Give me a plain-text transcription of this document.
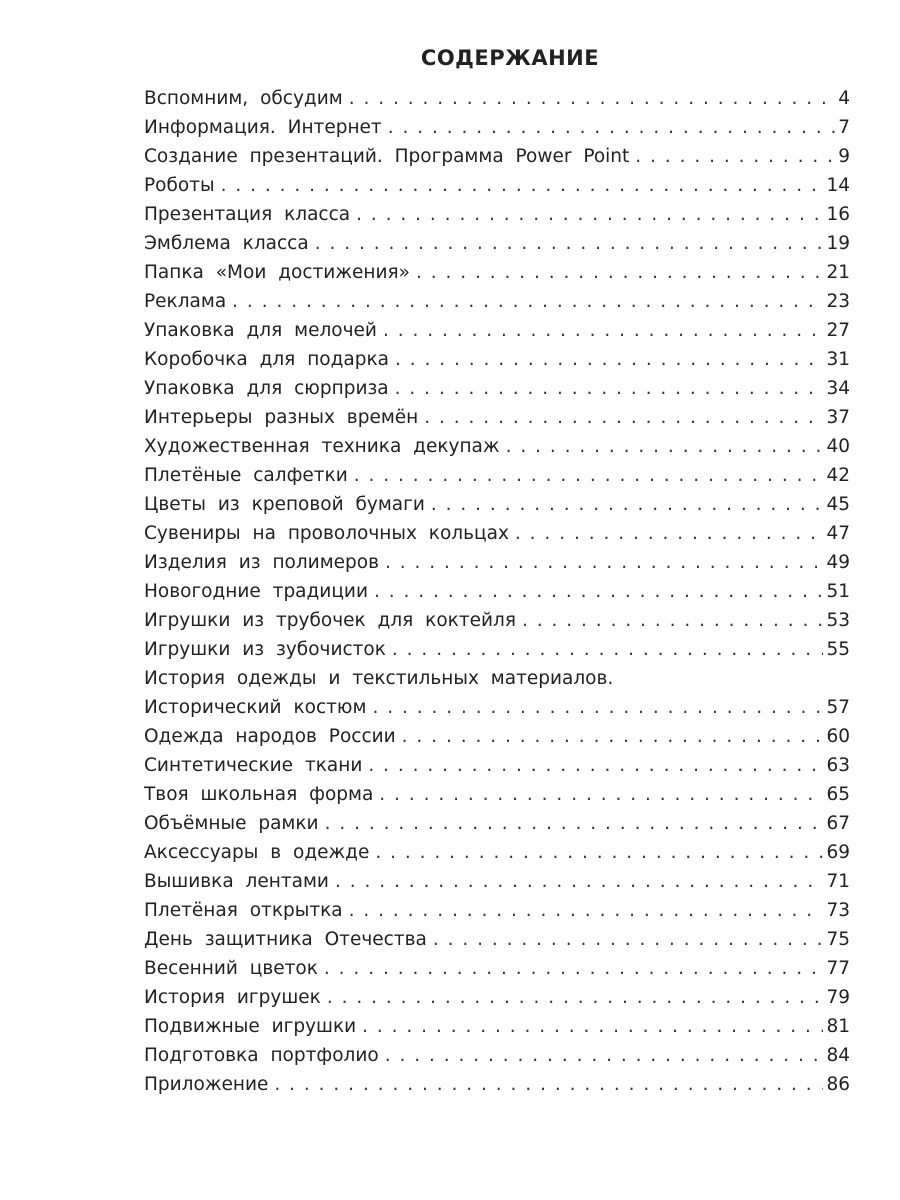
СОДЕРЖАНИЕ
Вспомним, обсудим . . .	4
Информация. Интернет . . .	7
Создание презентаций. Программа Power Point . . .	9
Роботы . . .	14
Презентация класса . . .	16
Эмблема класса . . .	19
Папка «Мои достижения» . . .	21
Реклама . . .	23
Упаковка для мелочей . . .	27
Коробочка для подарка . . .	31
Упаковка для сюрприза . . .	34
Интерьеры разных времён . . .	37
Художественная техника декупаж . . .	40
Плетёные салфетки . . .	42
Цветы из креповой бумаги . . .	45
Сувениры на проволочных кольцах . . .	47
Изделия из полимеров . . .	49
Новогодние традиции . . .	51
Игрушки из трубочек для коктейля . . .	53
Игрушки из зубочисток . . .	55
История одежды и текстильных материалов.
Исторический костюм . . .	57
Одежда народов России . . .	60
Синтетические ткани . . .	63
Твоя школьная форма . . .	65
Объёмные рамки . . .	67
Аксессуары в одежде . . .	69
Вышивка лентами . . .	71
Плетёная открытка . . .	73
День защитника Отечества . . .	75
Весенний цветок . . .	77
История игрушек . . .	79
Подвижные игрушки . . .	81
Подготовка портфолио . . .	84
Приложение . . .	86
